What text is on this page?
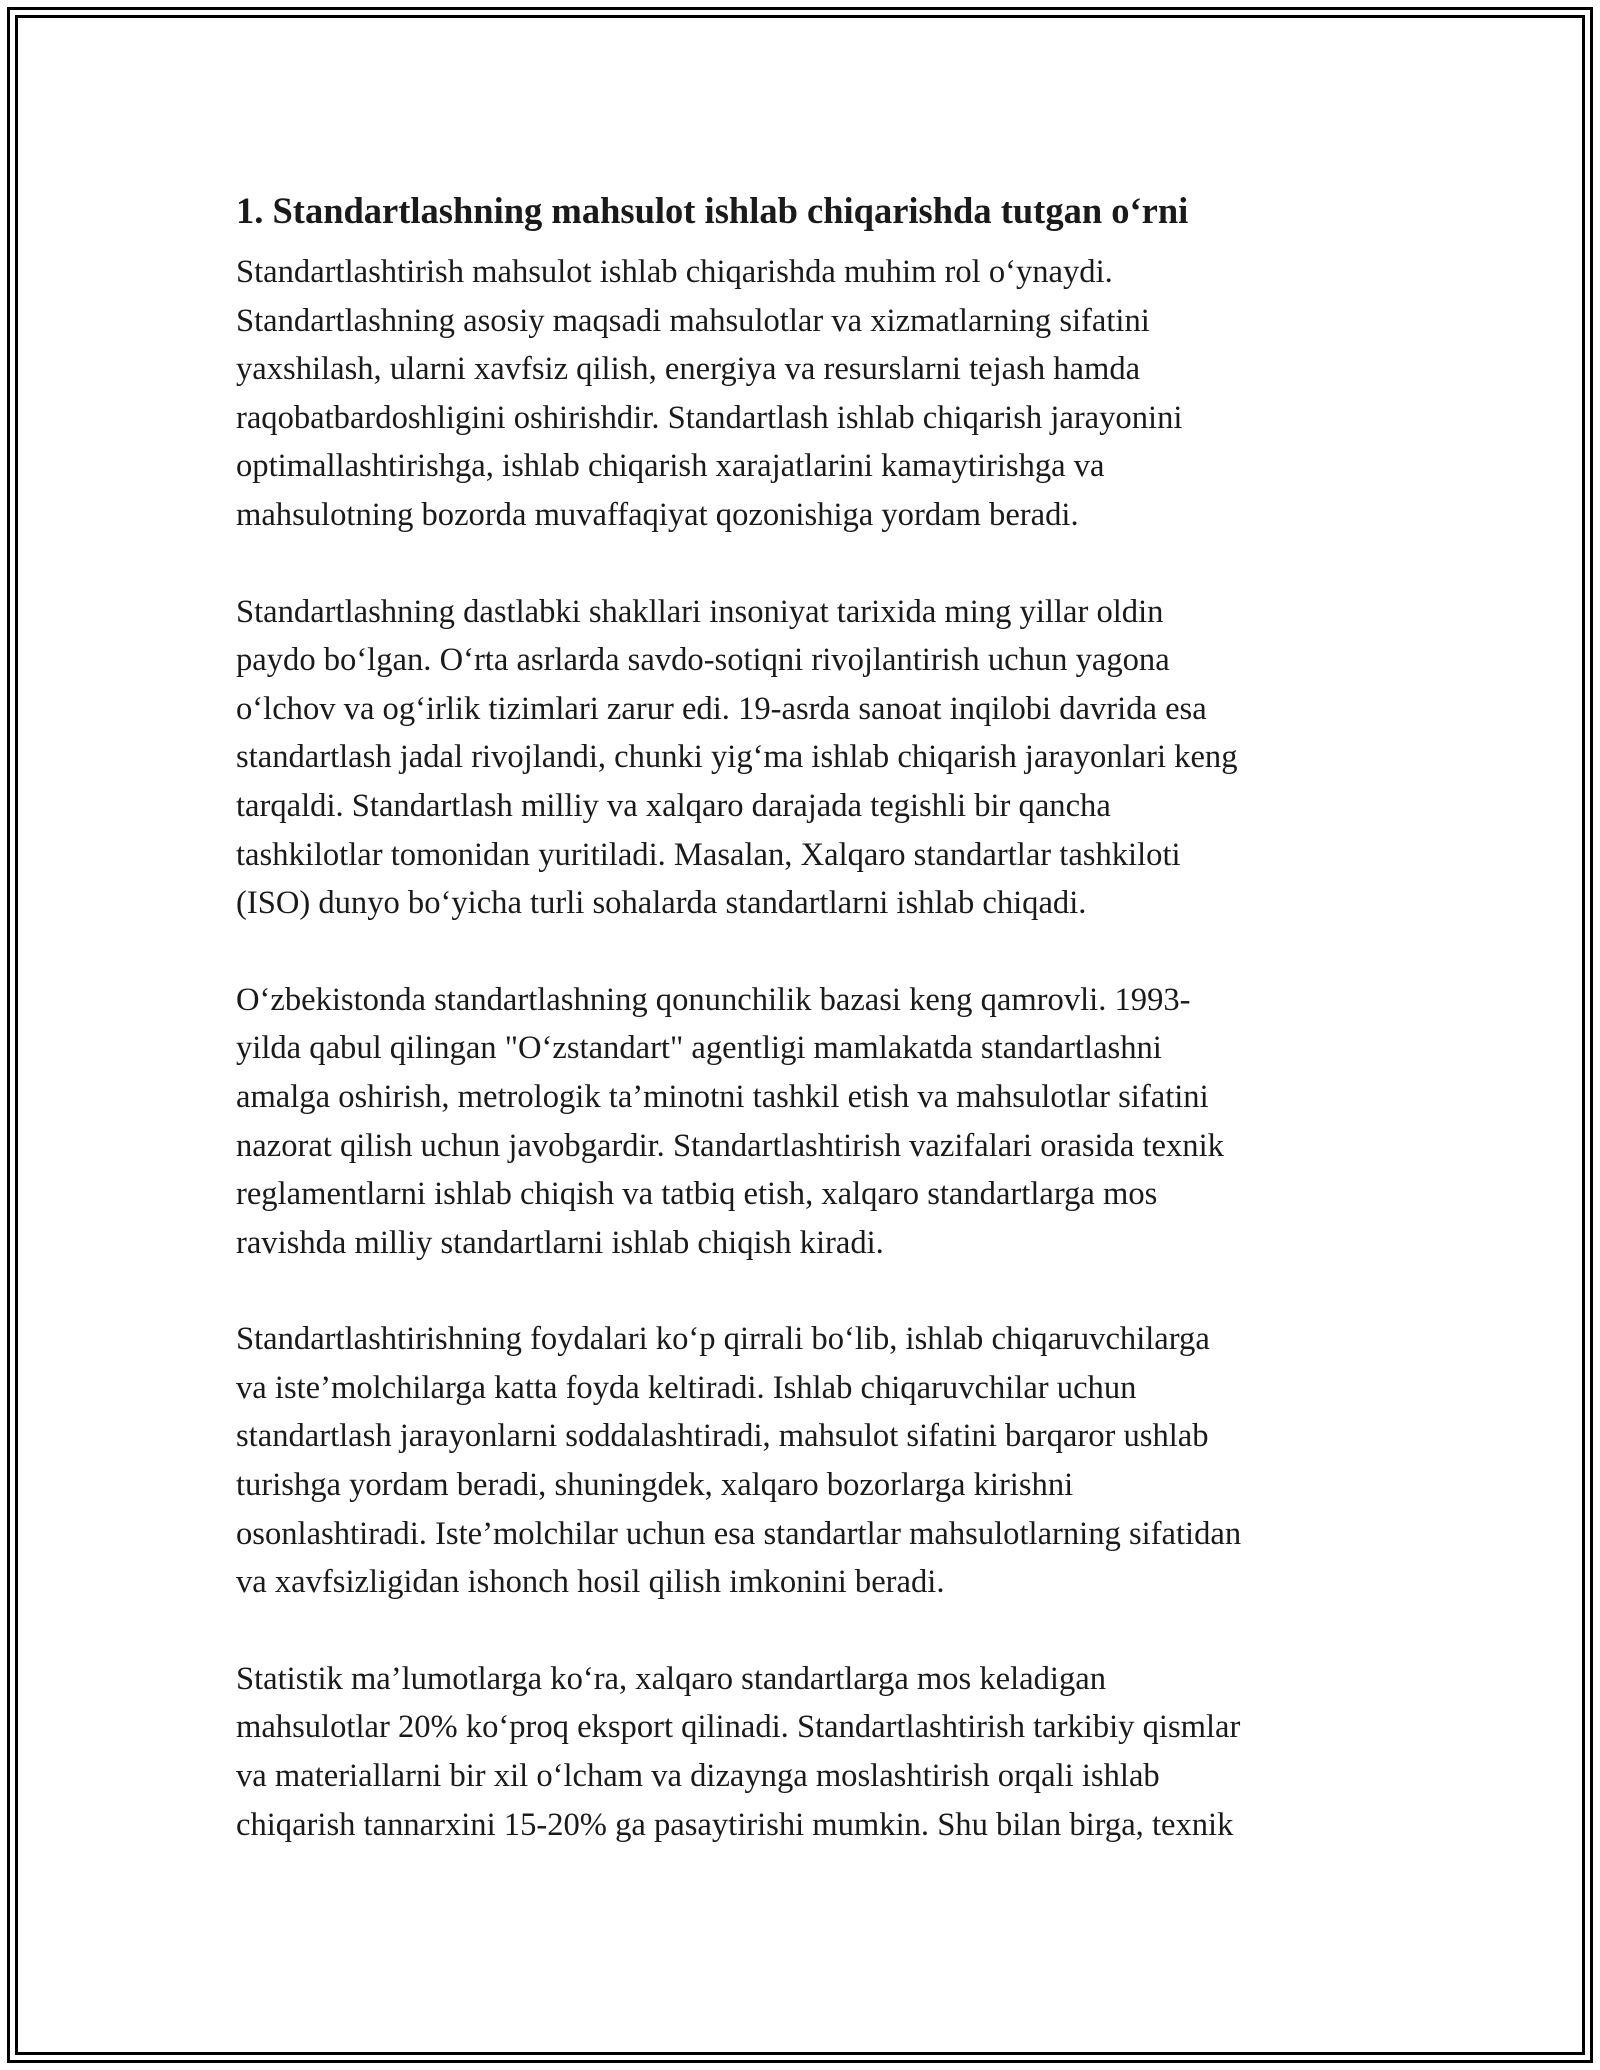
1. Standartlashning mahsulot ishlab chiqarishda tutgan o‘rni

Standartlashtirish mahsulot ishlab chiqarishda muhim rol o‘ynaydi.
Standartlashning asosiy maqsadi mahsulotlar va xizmatlarning sifatini
yaxshilash, ularni xavfsiz qilish, energiya va resurslarni tejash hamda
raqobatbardoshligini oshirishdir. Standartlash ishlab chiqarish jarayonini
optimallashtirishga, ishlab chiqarish xarajatlarini kamaytirishga va
mahsulotning bozorda muvaffaqiyat qozonishiga yordam beradi.

Standartlashning dastlabki shakllari insoniyat tarixida ming yillar oldin
paydo bo‘lgan. O‘rta asrlarda savdo-sotiqni rivojlantirish uchun yagona
o‘lchov va og‘irlik tizimlari zarur edi. 19-asrda sanoat inqilobi davrida esa
standartlash jadal rivojlandi, chunki yig‘ma ishlab chiqarish jarayonlari keng
tarqaldi. Standartlash milliy va xalqaro darajada tegishli bir qancha
tashkilotlar tomonidan yuritiladi. Masalan, Xalqaro standartlar tashkiloti
(ISO) dunyo bo‘yicha turli sohalarda standartlarni ishlab chiqadi.

O‘zbekistonda standartlashning qonunchilik bazasi keng qamrovli. 1993-
yilda qabul qilingan "O‘zstandart" agentligi mamlakatda standartlashni
amalga oshirish, metrologik ta’minotni tashkil etish va mahsulotlar sifatini
nazorat qilish uchun javobgardir. Standartlashtirish vazifalari orasida texnik
reglamentlarni ishlab chiqish va tatbiq etish, xalqaro standartlarga mos
ravishda milliy standartlarni ishlab chiqish kiradi.

Standartlashtirishning foydalari ko‘p qirrali bo‘lib, ishlab chiqaruvchilarga
va iste’molchilarga katta foyda keltiradi. Ishlab chiqaruvchilar uchun
standartlash jarayonlarni soddalashtiradi, mahsulot sifatini barqaror ushlab
turishga yordam beradi, shuningdek, xalqaro bozorlarga kirishni
osonlashtiradi. Iste’molchilar uchun esa standartlar mahsulotlarning sifatidan
va xavfsizligidan ishonch hosil qilish imkonini beradi.

Statistik ma’lumotlarga ko‘ra, xalqaro standartlarga mos keladigan
mahsulotlar 20% ko‘proq eksport qilinadi. Standartlashtirish tarkibiy qismlar
va materiallarni bir xil o‘lcham va dizaynga moslashtirish orqali ishlab
chiqarish tannarxini 15-20% ga pasaytirishi mumkin. Shu bilan birga, texnik
